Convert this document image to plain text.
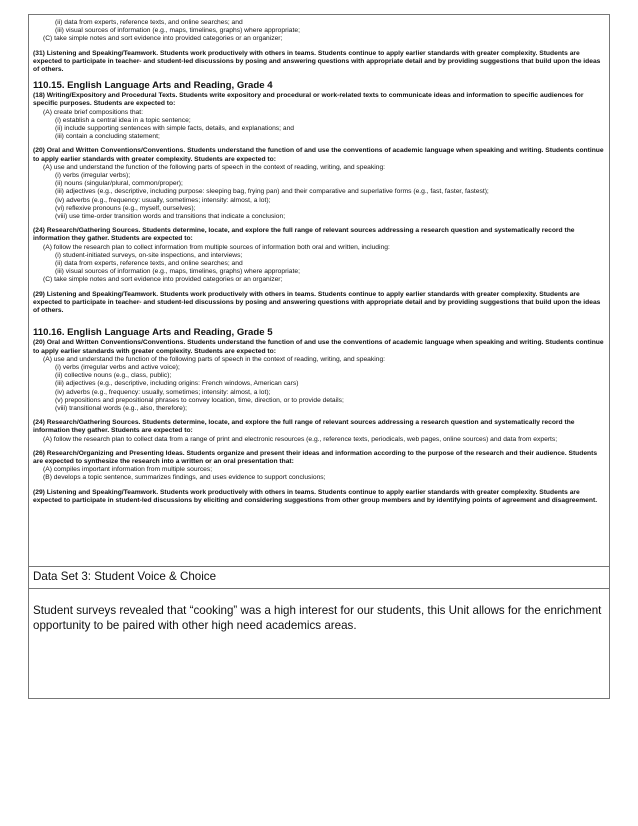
(ii) data from experts, reference texts, and online searches; and
(iii) visual sources of information (e.g., maps, timelines, graphs) where appropriate;
(C) take simple notes and sort evidence into provided categories or an organizer;
(31) Listening and Speaking/Teamwork. Students work productively with others in teams. Students continue to apply earlier standards with greater complexity. Students are expected to participate in teacher- and student-led discussions by posing and answering questions with appropriate detail and by providing suggestions that build upon the ideas of others.
110.15. English Language Arts and Reading, Grade 4
(18) Writing/Expository and Procedural Texts. Students write expository and procedural or work-related texts to communicate ideas and information to specific audiences for specific purposes. Students are expected to:
(A) create brief compositions that:
(i) establish a central idea in a topic sentence;
(ii) include supporting sentences with simple facts, details, and explanations; and
(iii) contain a concluding statement;
(20) Oral and Written Conventions/Conventions. Students understand the function of and use the conventions of academic language when speaking and writing. Students continue to apply earlier standards with greater complexity. Students are expected to:
(A) use and understand the function of the following parts of speech in the context of reading, writing, and speaking:
(i) verbs (irregular verbs);
(ii) nouns (singular/plural, common/proper);
(iii) adjectives (e.g., descriptive, including purpose: sleeping bag, frying pan) and their comparative and superlative forms (e.g., fast, faster, fastest);
(iv) adverbs (e.g., frequency: usually, sometimes; intensity: almost, a lot);
(vi) reflexive pronouns (e.g., myself, ourselves);
(viii) use time-order transition words and transitions that indicate a conclusion;
(24) Research/Gathering Sources. Students determine, locate, and explore the full range of relevant sources addressing a research question and systematically record the information they gather. Students are expected to:
(A) follow the research plan to collect information from multiple sources of information both oral and written, including:
(i) student-initiated surveys, on-site inspections, and interviews;
(ii) data from experts, reference texts, and online searches; and
(iii) visual sources of information (e.g., maps, timelines, graphs) where appropriate;
(C) take simple notes and sort evidence into provided categories or an organizer;
(29) Listening and Speaking/Teamwork. Students work productively with others in teams. Students continue to apply earlier standards with greater complexity. Students are expected to participate in teacher- and student-led discussions by posing and answering questions with appropriate detail and by providing suggestions that build upon the ideas of others.
110.16. English Language Arts and Reading, Grade 5
(20) Oral and Written Conventions/Conventions. Students understand the function of and use the conventions of academic language when speaking and writing. Students continue to apply earlier standards with greater complexity. Students are expected to:
(A) use and understand the function of the following parts of speech in the context of reading, writing, and speaking:
(i) verbs (irregular verbs and active voice);
(ii) collective nouns (e.g., class, public);
(iii) adjectives (e.g., descriptive, including origins: French windows, American cars)
(iv) adverbs (e.g., frequency: usually, sometimes; intensity: almost, a lot);
(v) prepositions and prepositional phrases to convey location, time, direction, or to provide details;
(viii) transitional words (e.g., also, therefore);
(24) Research/Gathering Sources. Students determine, locate, and explore the full range of relevant sources addressing a research question and systematically record the information they gather. Students are expected to:
(A) follow the research plan to collect data from a range of print and electronic resources (e.g., reference texts, periodicals, web pages, online sources) and data from experts;
(26) Research/Organizing and Presenting Ideas. Students organize and present their ideas and information according to the purpose of the research and their audience. Students are expected to synthesize the research into a written or an oral presentation that:
(A) compiles important information from multiple sources;
(B) develops a topic sentence, summarizes findings, and uses evidence to support conclusions;
(29) Listening and Speaking/Teamwork. Students work productively with others in teams. Students continue to apply earlier standards with greater complexity. Students are expected to participate in student-led discussions by eliciting and considering suggestions from other group members and by identifying points of agreement and disagreement.
Data Set 3: Student Voice & Choice
Student surveys revealed that “cooking” was a high interest for our students, this Unit allows for the enrichment opportunity to be paired with other high need academics areas.
